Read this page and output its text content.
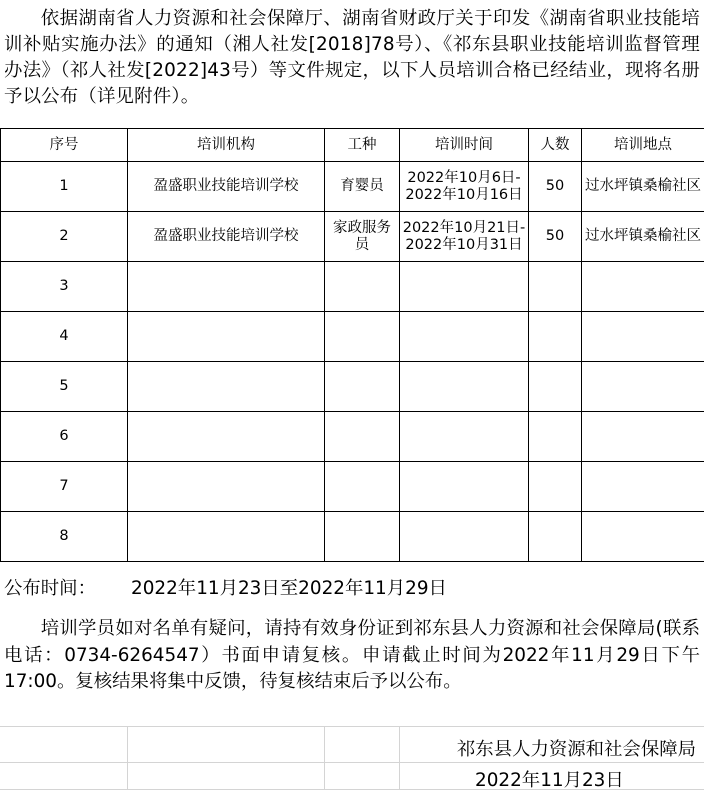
依据湖南省人力资源和社会保障厅、湖南省财政厅关于印发《湖南省职业技能培训补贴实施办法》的通知（湘人社发[2018]78号）、《祁东县职业技能培训监督管理办法》（祁人社发[2022]43号）等文件规定，以下人员培训合格已经结业，现将名册予以公布（详见附件）。
序号	培训机构	工种	培训时间	人数	培训地点
1	盈盛职业技能培训学校	育婴员	2022年10月6日-
2022年10月16日	50	过水坪镇桑榆社区
2	盈盛职业技能培训学校	家政服务员	2022年10月21日-
2022年10月31日	50	过水坪镇桑榆社区
3					
4					
5					
6					
7					
8					
公布时间： 2022年11月23日至2022年11月29日
培训学员如对名单有疑问，请持有效身份证到祁东县人力资源和社会保障局(联系电话：0734-6264547）书面申请复核。申请截止时间为2022年11月29日下午17:00。复核结果将集中反馈，待复核结束后予以公布。
祁东县人力资源和社会保障局
2022年11月23日
